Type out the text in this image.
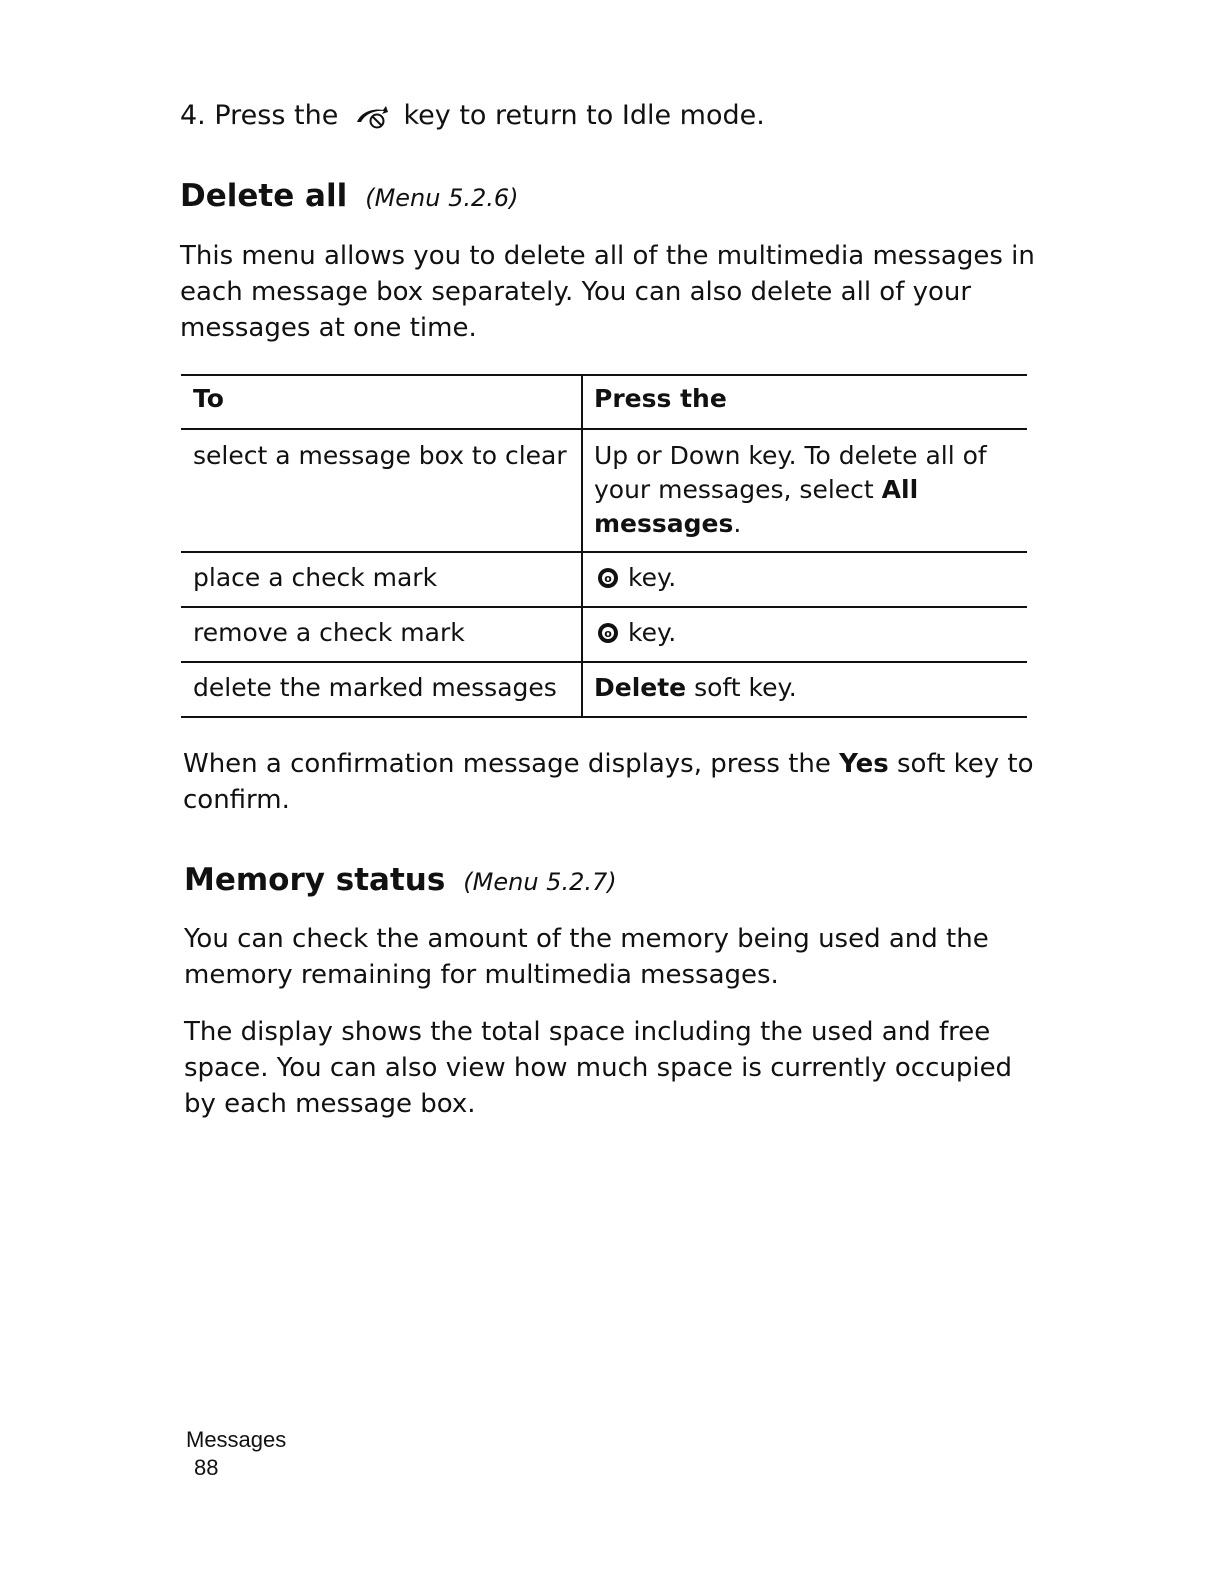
4. Press the key to return to Idle mode.
Delete all (Menu 5.2.6)
This menu allows you to delete all of the multimedia messages in each message box separately. You can also delete all of your messages at one time.
To	Press the
select a message box to clear	Up or Down key. To delete all of your messages, select All messages.
place a check mark	o key.
remove a check mark	o key.
delete the marked messages	Delete soft key.
When a confirmation message displays, press the Yes soft key to confirm.
Memory status (Menu 5.2.7)
You can check the amount of the memory being used and the memory remaining for multimedia messages.
The display shows the total space including the used and free space. You can also view how much space is currently occupied by each message box.
Messages
88
